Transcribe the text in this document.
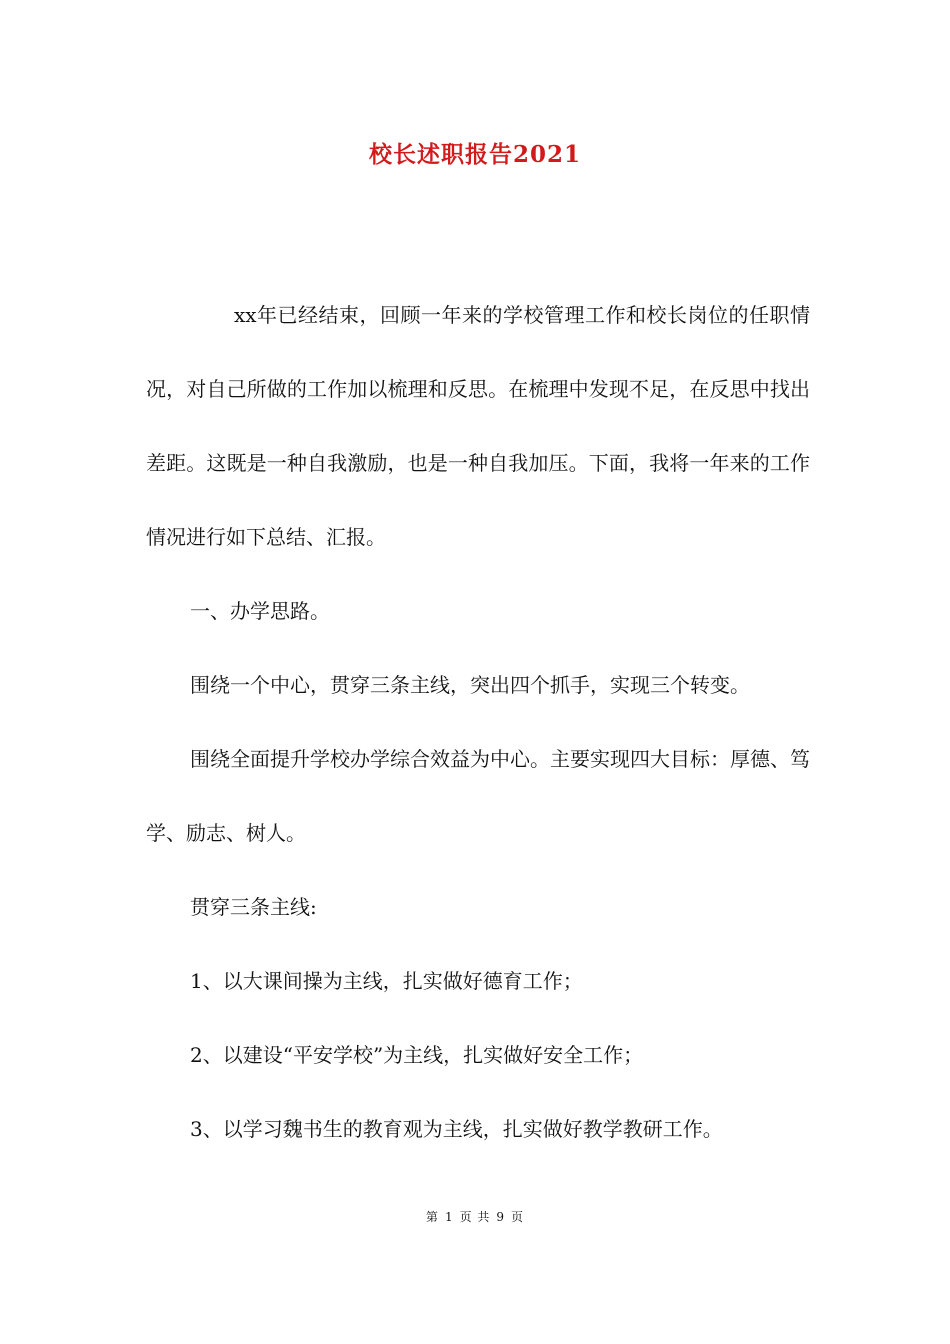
校长述职报告2021

xx年已经结束，回顾一年来的学校管理工作和校长岗位的任职情况，对自己所做的工作加以梳理和反思。在梳理中发现不足，在反思中找出差距。这既是一种自我激励，也是一种自我加压。下面，我将一年来的工作情况进行如下总结、汇报。

一、办学思路。

围绕一个中心，贯穿三条主线，突出四个抓手，实现三个转变。

围绕全面提升学校办学综合效益为中心。主要实现四大目标：厚德、笃学、励志、树人。

贯穿三条主线:

1、以大课间操为主线，扎实做好德育工作；

2、以建设“平安学校”为主线，扎实做好安全工作；

3、以学习魏书生的教育观为主线，扎实做好教学教研工作。

第 1 页 共 9 页
